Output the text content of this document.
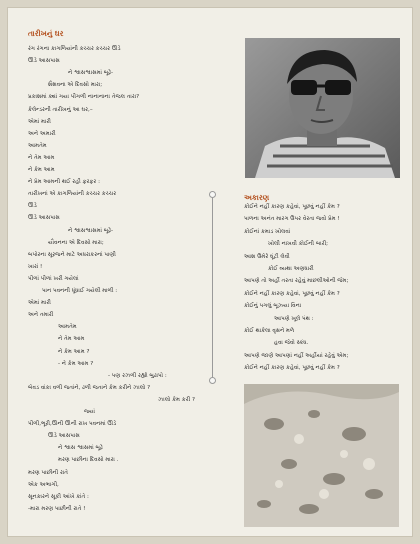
તારીખનું ઘર
રંગ રંગના કાગળિયાંની કચ્ચર કચ્ચર ઊડે
ઊડે આસપાસ
ને શ્વાસશ્વાસમાં બૂઢે-
શૈશવના એ દિવસો મારા;
પ્રકાશમાં ક્યાં ગયા પીગળી નાનાનાના તેજલ તારા?
કેલેન્ડરની તારીખનું આ ઘર,–
એમાં મારી
અને અમારી
આમતેમ
ને તેમ આમ
ને કેમ આમ
ને પ્રેમ આમની થઈ રહી ફરફર :
તારીખનાં એ કાગળિયાંની કચ્ચર કચ્ચર
ઊડે
ઊડે આસપાસ
ને શ્વાસશ્વાસમાં બૂઢે-
યૌવનના એ દિવસો મારા;
બપોરના સૂરજને માટે અધરાકરનાં પાણી
ખારાં !
પીળાં પીળાં ખરી ગયેલાં
પાન પવનની ધૂંધાઈ ગયેલી માળી :
એમાં મારી
અને તમારી
આમતેમ
ને તેમ આમ
ને કેમ આમ ?
- ને કેમ આમ ?
- પણ રઝળી રહ્યો બુઢાપો :
બેવડ વાંકા વળી જતાંને, ઢળી જતાને કેમ કરીને ઝાલો ?
ઝાલો કેમ કરી ?
જ્યાં
પીળી,ભૂરી,ઊની ઊની રાખ પવનમાં ઊડે
ઊડે આસપાસ
ને શ્વાસ શ્વાસમાં બૂઢે
મરણ પાછીના દિવસો મારા .
મરણ પાછીની રાતે
એક અભાગી,
સૂનકારને સૂકી આંખે કાંતે :
-મારા મરણ પાછીની રાતે !
અકારણ
કોઈને નહીં કારણ કહેવાં, પૂછવું નહીં કેમ ?
પાળના અનંત મારગ ઉપર વેરતા જવો પ્રેમ !
કોઈનાં કમાડ ખોલવાં
ખોલી નાખવી કોઈની બારી;
આશ ઉમેરે ઘૂંટી લેવી
કોઈ વ્યથા અણધારી
આપણે તો અહીં તરતા રહેવું માછલીઓની જેમ;
કોઈને નહીં કારણ કહેવાં, પૂછવું નહીં કેમ ?
કોઈનું પગલું બૂઝ્યા વિના
આપણે ખૂલે પંથ :
કોઈ થાકેલા વૃક્ષને મળે
હવા જેવો સ્કંધ.
આપણે જાણે આપણાં નહીં અહીંયાં રહેવું એમ;
કોઈને નહીં કારણ કહેવાં, પૂછવું નહીં કેમ ?
